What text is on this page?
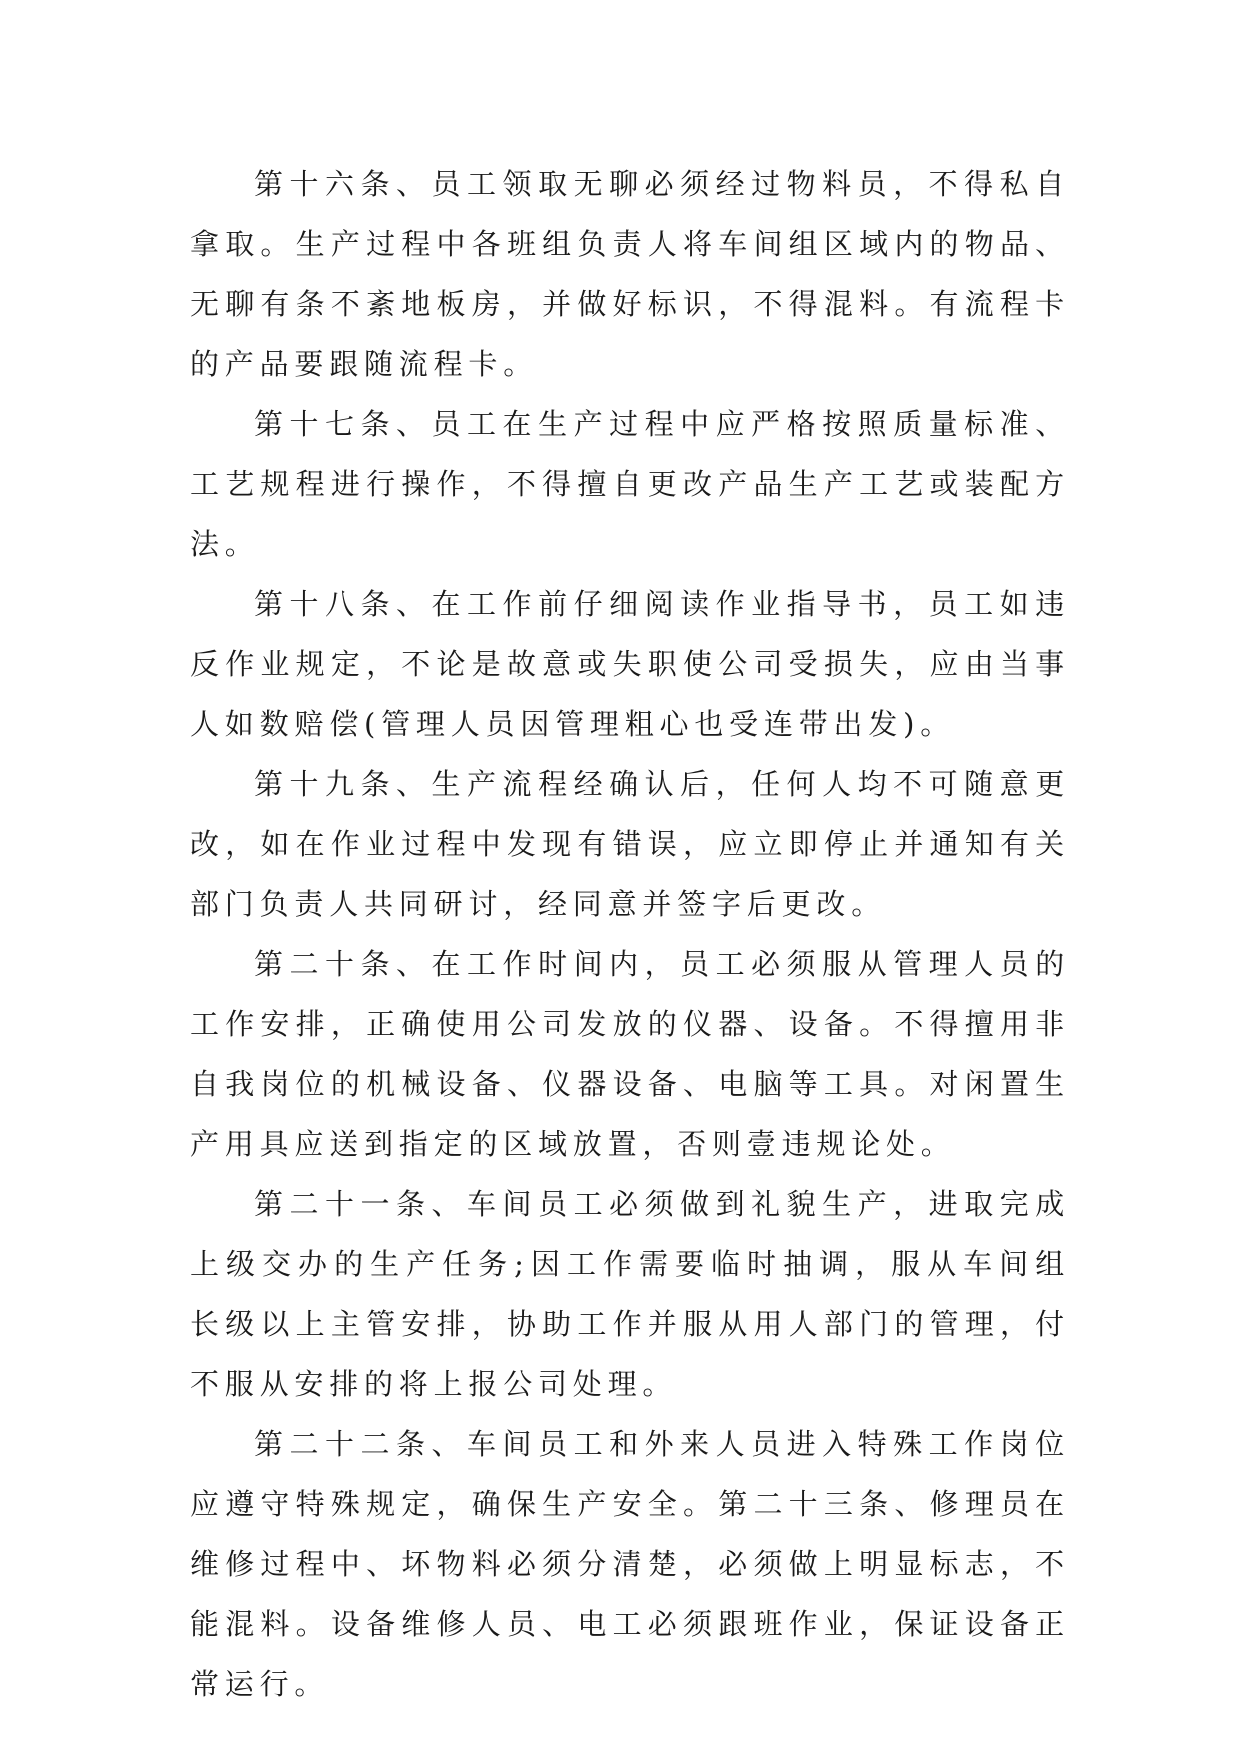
第十六条、员工领取无聊必须经过物料员，不得私自拿取。生产过程中各班组负责人将车间组区域内的物品、无聊有条不紊地板房，并做好标识，不得混料。有流程卡的产品要跟随流程卡。

第十七条、员工在生产过程中应严格按照质量标准、工艺规程进行操作，不得擅自更改产品生产工艺或装配方法。

第十八条、在工作前仔细阅读作业指导书，员工如违反作业规定，不论是故意或失职使公司受损失，应由当事人如数赔偿(管理人员因管理粗心也受连带出发)。

第十九条、生产流程经确认后，任何人均不可随意更改，如在作业过程中发现有错误，应立即停止并通知有关部门负责人共同研讨，经同意并签字后更改。

第二十条、在工作时间内，员工必须服从管理人员的工作安排，正确使用公司发放的仪器、设备。不得擅用非自我岗位的机械设备、仪器设备、电脑等工具。对闲置生产用具应送到指定的区域放置，否则壹违规论处。

第二十一条、车间员工必须做到礼貌生产，进取完成上级交办的生产任务;因工作需要临时抽调，服从车间组长级以上主管安排，协助工作并服从用人部门的管理，付不服从安排的将上报公司处理。

第二十二条、车间员工和外来人员进入特殊工作岗位应遵守特殊规定，确保生产安全。第二十三条、修理员在维修过程中、坏物料必须分清楚，必须做上明显标志，不能混料。设备维修人员、电工必须跟班作业，保证设备正常运行。
